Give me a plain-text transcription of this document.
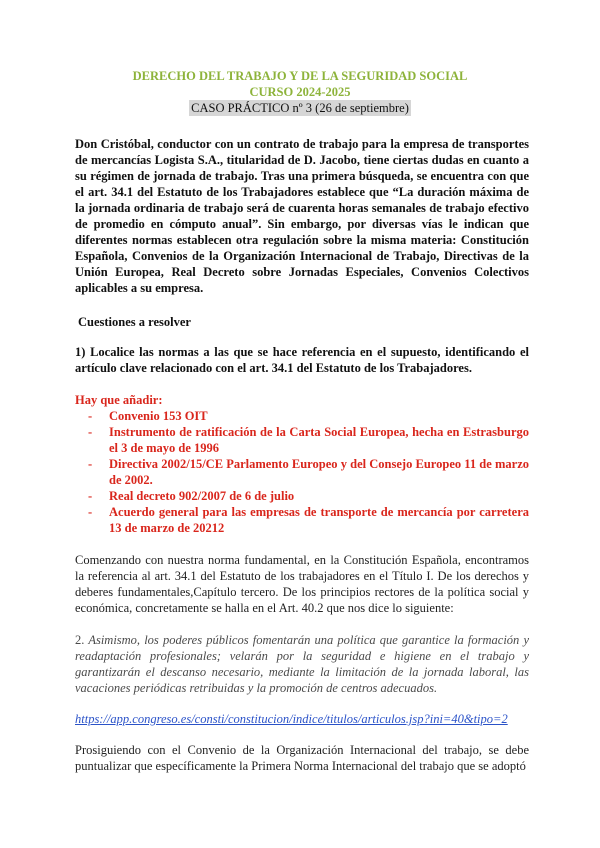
DERECHO DEL TRABAJO Y DE LA SEGURIDAD SOCIAL
CURSO 2024-2025
CASO PRÁCTICO nº 3 (26 de septiembre)
Don Cristóbal, conductor con un contrato de trabajo para la empresa de transportes de mercancías Logista S.A., titularidad de D. Jacobo, tiene ciertas dudas en cuanto a su régimen de jornada de trabajo. Tras una primera búsqueda, se encuentra con que el art. 34.1 del Estatuto de los Trabajadores establece que “La duración máxima de la jornada ordinaria de trabajo será de cuarenta horas semanales de trabajo efectivo de promedio en cómputo anual”. Sin embargo, por diversas vías le indican que diferentes normas establecen otra regulación sobre la misma materia: Constitución Española, Convenios de la Organización Internacional de Trabajo, Directivas de la Unión Europea, Real Decreto sobre Jornadas Especiales, Convenios Colectivos aplicables a su empresa.
Cuestiones a resolver
1) Localice las normas a las que se hace referencia en el supuesto, identificando el artículo clave relacionado con el art. 34.1 del Estatuto de los Trabajadores.
Hay que añadir:
- Convenio 153 OIT
- Instrumento de ratificación de la Carta Social Europea, hecha en Estrasburgo el 3 de mayo de 1996
- Directiva 2002/15/CE Parlamento Europeo y del Consejo Europeo 11 de marzo de 2002.
- Real decreto 902/2007 de 6 de julio
- Acuerdo general para las empresas de transporte de mercancía por carretera 13 de marzo de 20212
Comenzando con nuestra norma fundamental, en la Constitución Española, encontramos la referencia al art. 34.1 del Estatuto de los trabajadores en el Título I. De los derechos y deberes fundamentales,Capítulo tercero. De los principios rectores de la política social y económica, concretamente se halla en el Art. 40.2 que nos dice lo siguiente:
2. Asimismo, los poderes públicos fomentarán una política que garantice la formación y readaptación profesionales; velarán por la seguridad e higiene en el trabajo y garantizarán el descanso necesario, mediante la limitación de la jornada laboral, las vacaciones periódicas retribuidas y la promoción de centros adecuados.
https://app.congreso.es/consti/constitucion/indice/titulos/articulos.jsp?ini=40&tipo=2
Prosiguiendo con el Convenio de la Organización Internacional del trabajo, se debe puntualizar que específicamente la Primera Norma Internacional del trabajo que se adoptó
